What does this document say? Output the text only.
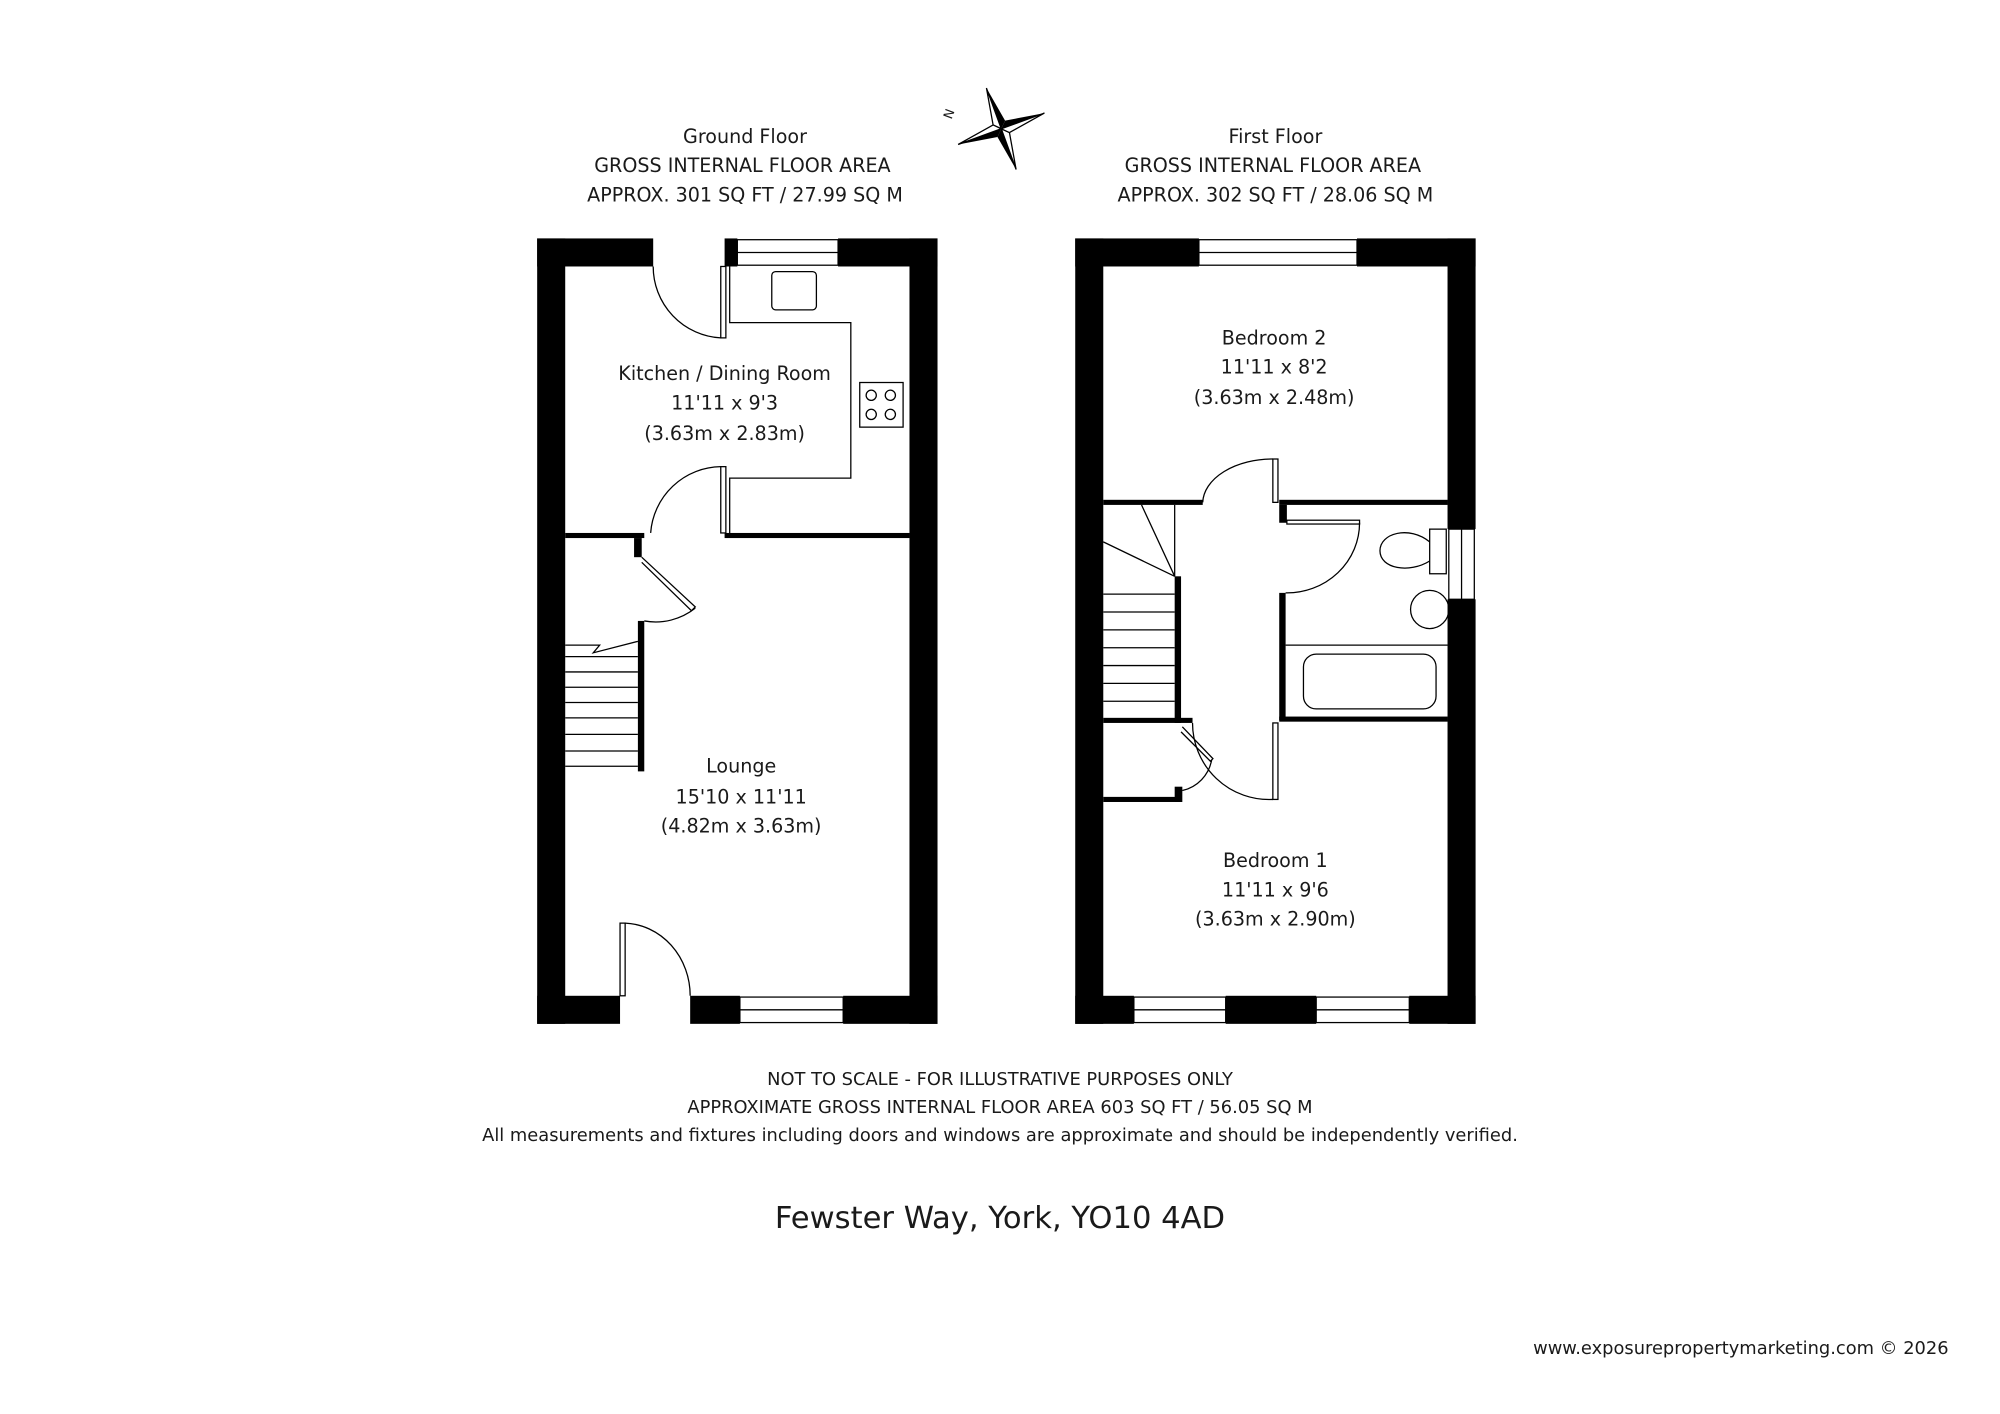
N
Ground Floor
GROSS INTERNAL FLOOR AREA
APPROX. 301 SQ FT / 27.99 SQ M
First Floor
GROSS INTERNAL FLOOR AREA
APPROX. 302 SQ FT / 28.06 SQ M
Kitchen / Dining Room
11'11 x 9'3
(3.63m x 2.83m)
Lounge
15'10 x 11'11
(4.82m x 3.63m)
Bedroom 2
11'11 x 8'2
(3.63m x 2.48m)
Bedroom 1
11'11 x 9'6
(3.63m x 2.90m)
NOT TO SCALE - FOR ILLUSTRATIVE PURPOSES ONLY
APPROXIMATE GROSS INTERNAL FLOOR AREA 603 SQ FT / 56.05 SQ M
All measurements and fixtures including doors and windows are approximate and should be independently verified.
Fewster Way, York, YO10 4AD
www.exposurepropertymarketing.com © 2026
